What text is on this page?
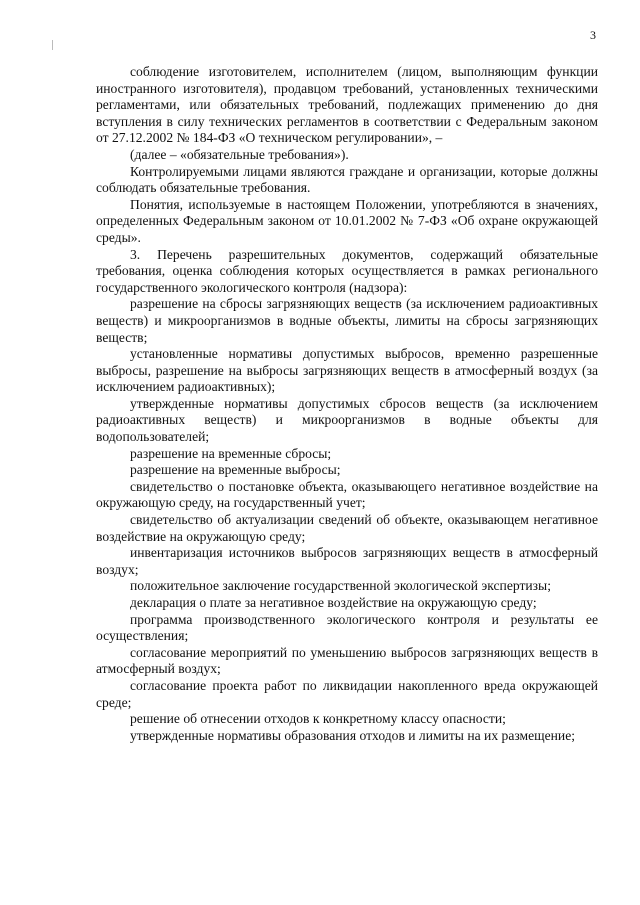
3

соблюдение изготовителем, исполнителем (лицом, выполняющим функции иностранного изготовителя), продавцом требований, установленных техническими регламентами, или обязательных требований, подлежащих применению до дня вступления в силу технических регламентов в соответствии с Федеральным законом от 27.12.2002 № 184-ФЗ «О техническом регулировании», –

(далее – «обязательные требования»).

Контролируемыми лицами являются граждане и организации, которые должны соблюдать обязательные требования.

Понятия, используемые в настоящем Положении, употребляются в значениях, определенных Федеральным законом от 10.01.2002 № 7-ФЗ «Об охране окружающей среды».

3. Перечень разрешительных документов, содержащий обязательные требования, оценка соблюдения которых осуществляется в рамках регионального государственного экологического контроля (надзора):

разрешение на сбросы загрязняющих веществ (за исключением радиоактивных веществ) и микроорганизмов в водные объекты, лимиты на сбросы загрязняющих веществ;

установленные нормативы допустимых выбросов, временно разрешенные выбросы, разрешение на выбросы загрязняющих веществ в атмосферный воздух (за исключением радиоактивных);

утвержденные нормативы допустимых сбросов веществ (за исключением радиоактивных веществ) и микроорганизмов в водные объекты для водопользователей;

разрешение на временные сбросы;

разрешение на временные выбросы;

свидетельство о постановке объекта, оказывающего негативное воздействие на окружающую среду, на государственный учет;

свидетельство об актуализации сведений об объекте, оказывающем негативное воздействие на окружающую среду;

инвентаризация источников выбросов загрязняющих веществ в атмосферный воздух;

положительное заключение государственной экологической экспертизы;

декларация о плате за негативное воздействие на окружающую среду;

программа производственного экологического контроля и результаты ее осуществления;

согласование мероприятий по уменьшению выбросов загрязняющих веществ в атмосферный воздух;

согласование проекта работ по ликвидации накопленного вреда окружающей среде;

решение об отнесении отходов к конкретному классу опасности;

утвержденные нормативы образования отходов и лимиты на их размещение;
